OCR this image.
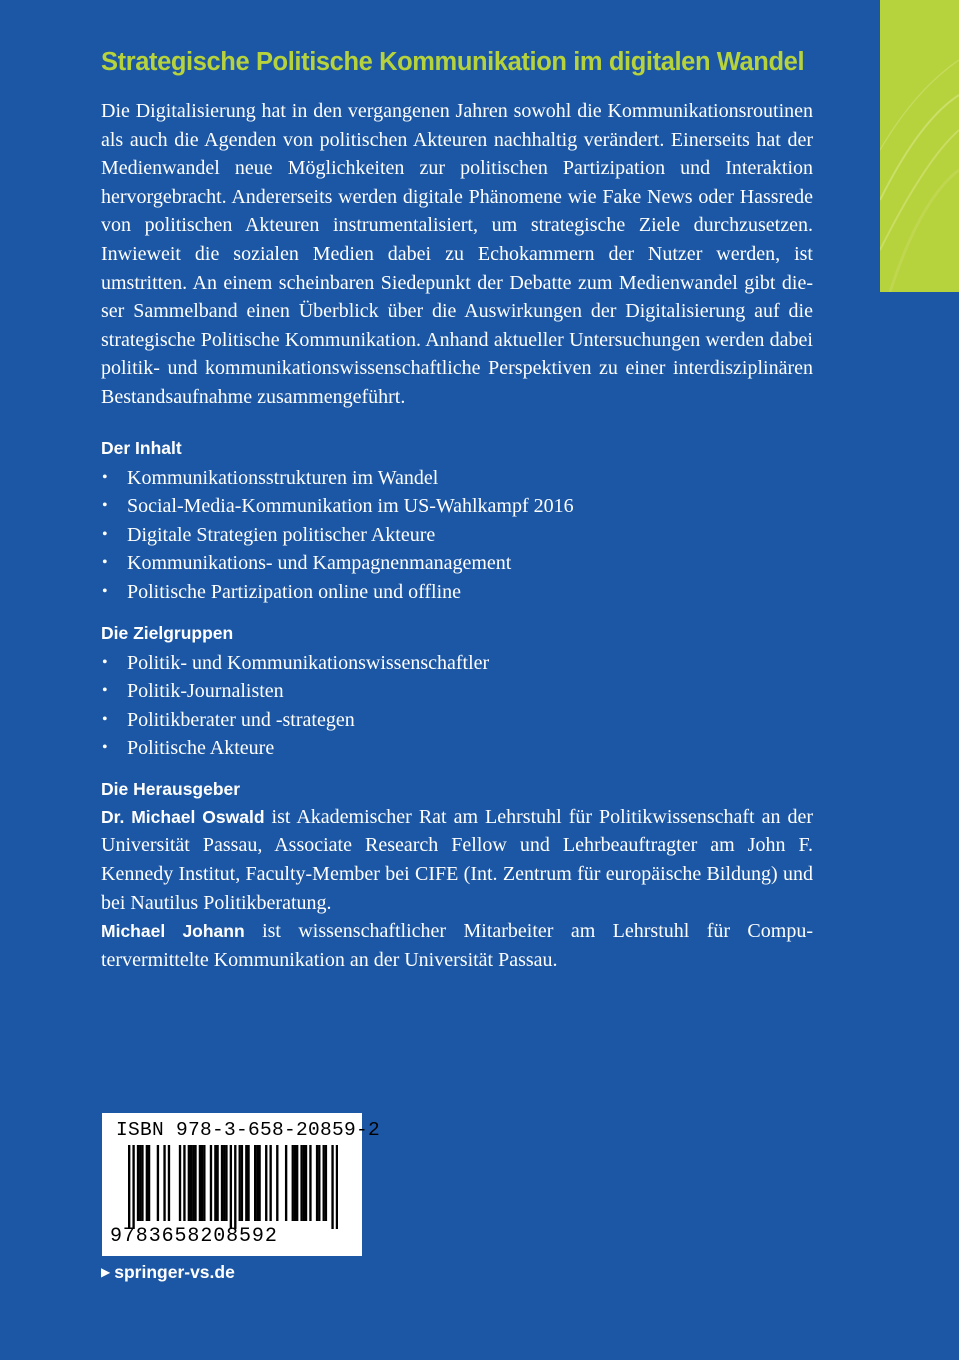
Strategische Politische Kommunikation im digitalen Wandel

Die Digitalisierung hat in den vergangenen Jahren sowohl die Kommunikationsroutinen als auch die Agenden von politischen Akteuren nachhaltig verändert. Einerseits hat der Medienwandel neue Möglichkeiten zur politischen Partizipation und Interaktion hervorgebracht. Andererseits werden digitale Phänomene wie Fake News oder Hassrede von politischen Akteuren instrumentalisiert, um strategische Ziele durchzusetzen. Inwieweit die sozialen Medien dabei zu Echokammern der Nutzer werden, ist umstritten. An einem scheinbaren Siedepunkt der Debatte zum Medienwandel gibt dieser Sammelband einen Überblick über die Auswirkungen der Digitalisierung auf die strategische Politische Kommunikation. Anhand aktueller Untersuchungen werden dabei politik- und kommunikationswissenschaftliche Perspektiven zu einer interdisziplinären Bestandsaufnahme zusammengeführt.

Der Inhalt
• Kommunikationsstrukturen im Wandel
• Social-Media-Kommunikation im US-Wahlkampf 2016
• Digitale Strategien politischer Akteure
• Kommunikations- und Kampagnenmanagement
• Politische Partizipation online und offline
Die Zielgruppen
• Politik- und Kommunikationswissenschaftler
• Politik-Journalisten
• Politikberater und -strategen
• Politische Akteure
Die Herausgeber

Dr. Michael Oswald ist Akademischer Rat am Lehrstuhl für Politikwissenschaft an der Universität Passau, Associate Research Fellow und Lehrbeauftragter am John F. Kennedy Institut, Faculty-Member bei CIFE (Int. Zentrum für europäische Bildung) und bei Nautilus Politikberatung.

Michael Johann ist wissenschaftlicher Mitarbeiter am Lehrstuhl für Computervermittelte Kommunikation an der Universität Passau.

ISBN 978-3-658-20859-2
9783658208592
▶ springer-vs.de
